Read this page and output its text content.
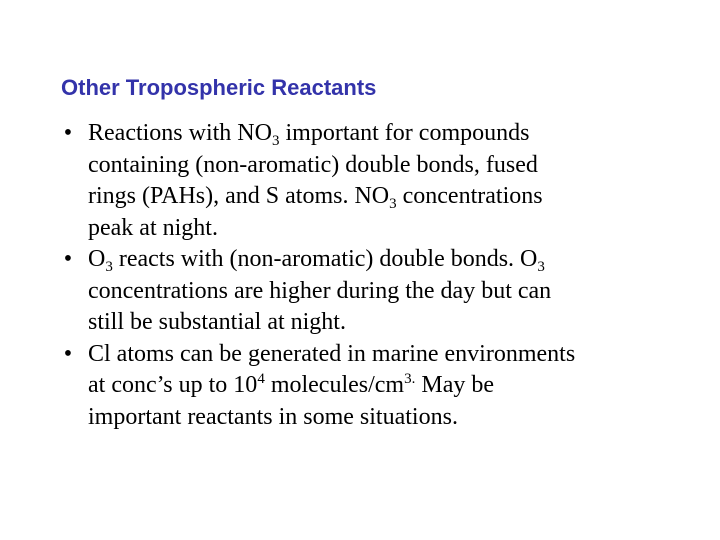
Other Tropospheric Reactants
• Reactions with $NO_3$ important for compounds
containing (non-aromatic) double bonds, fused
rings (PAHs), and S atoms. $NO_3$ concentrations
peak at night.
• $O_3$ reacts with (non-aromatic) double bonds. $O_3$
concentrations are higher during the day but can
still be substantial at night.
• Cl atoms can be generated in marine environments
at conc’s up to $10^4$ molecules/$cm^{3.}$ May be
important reactants in some situations.
